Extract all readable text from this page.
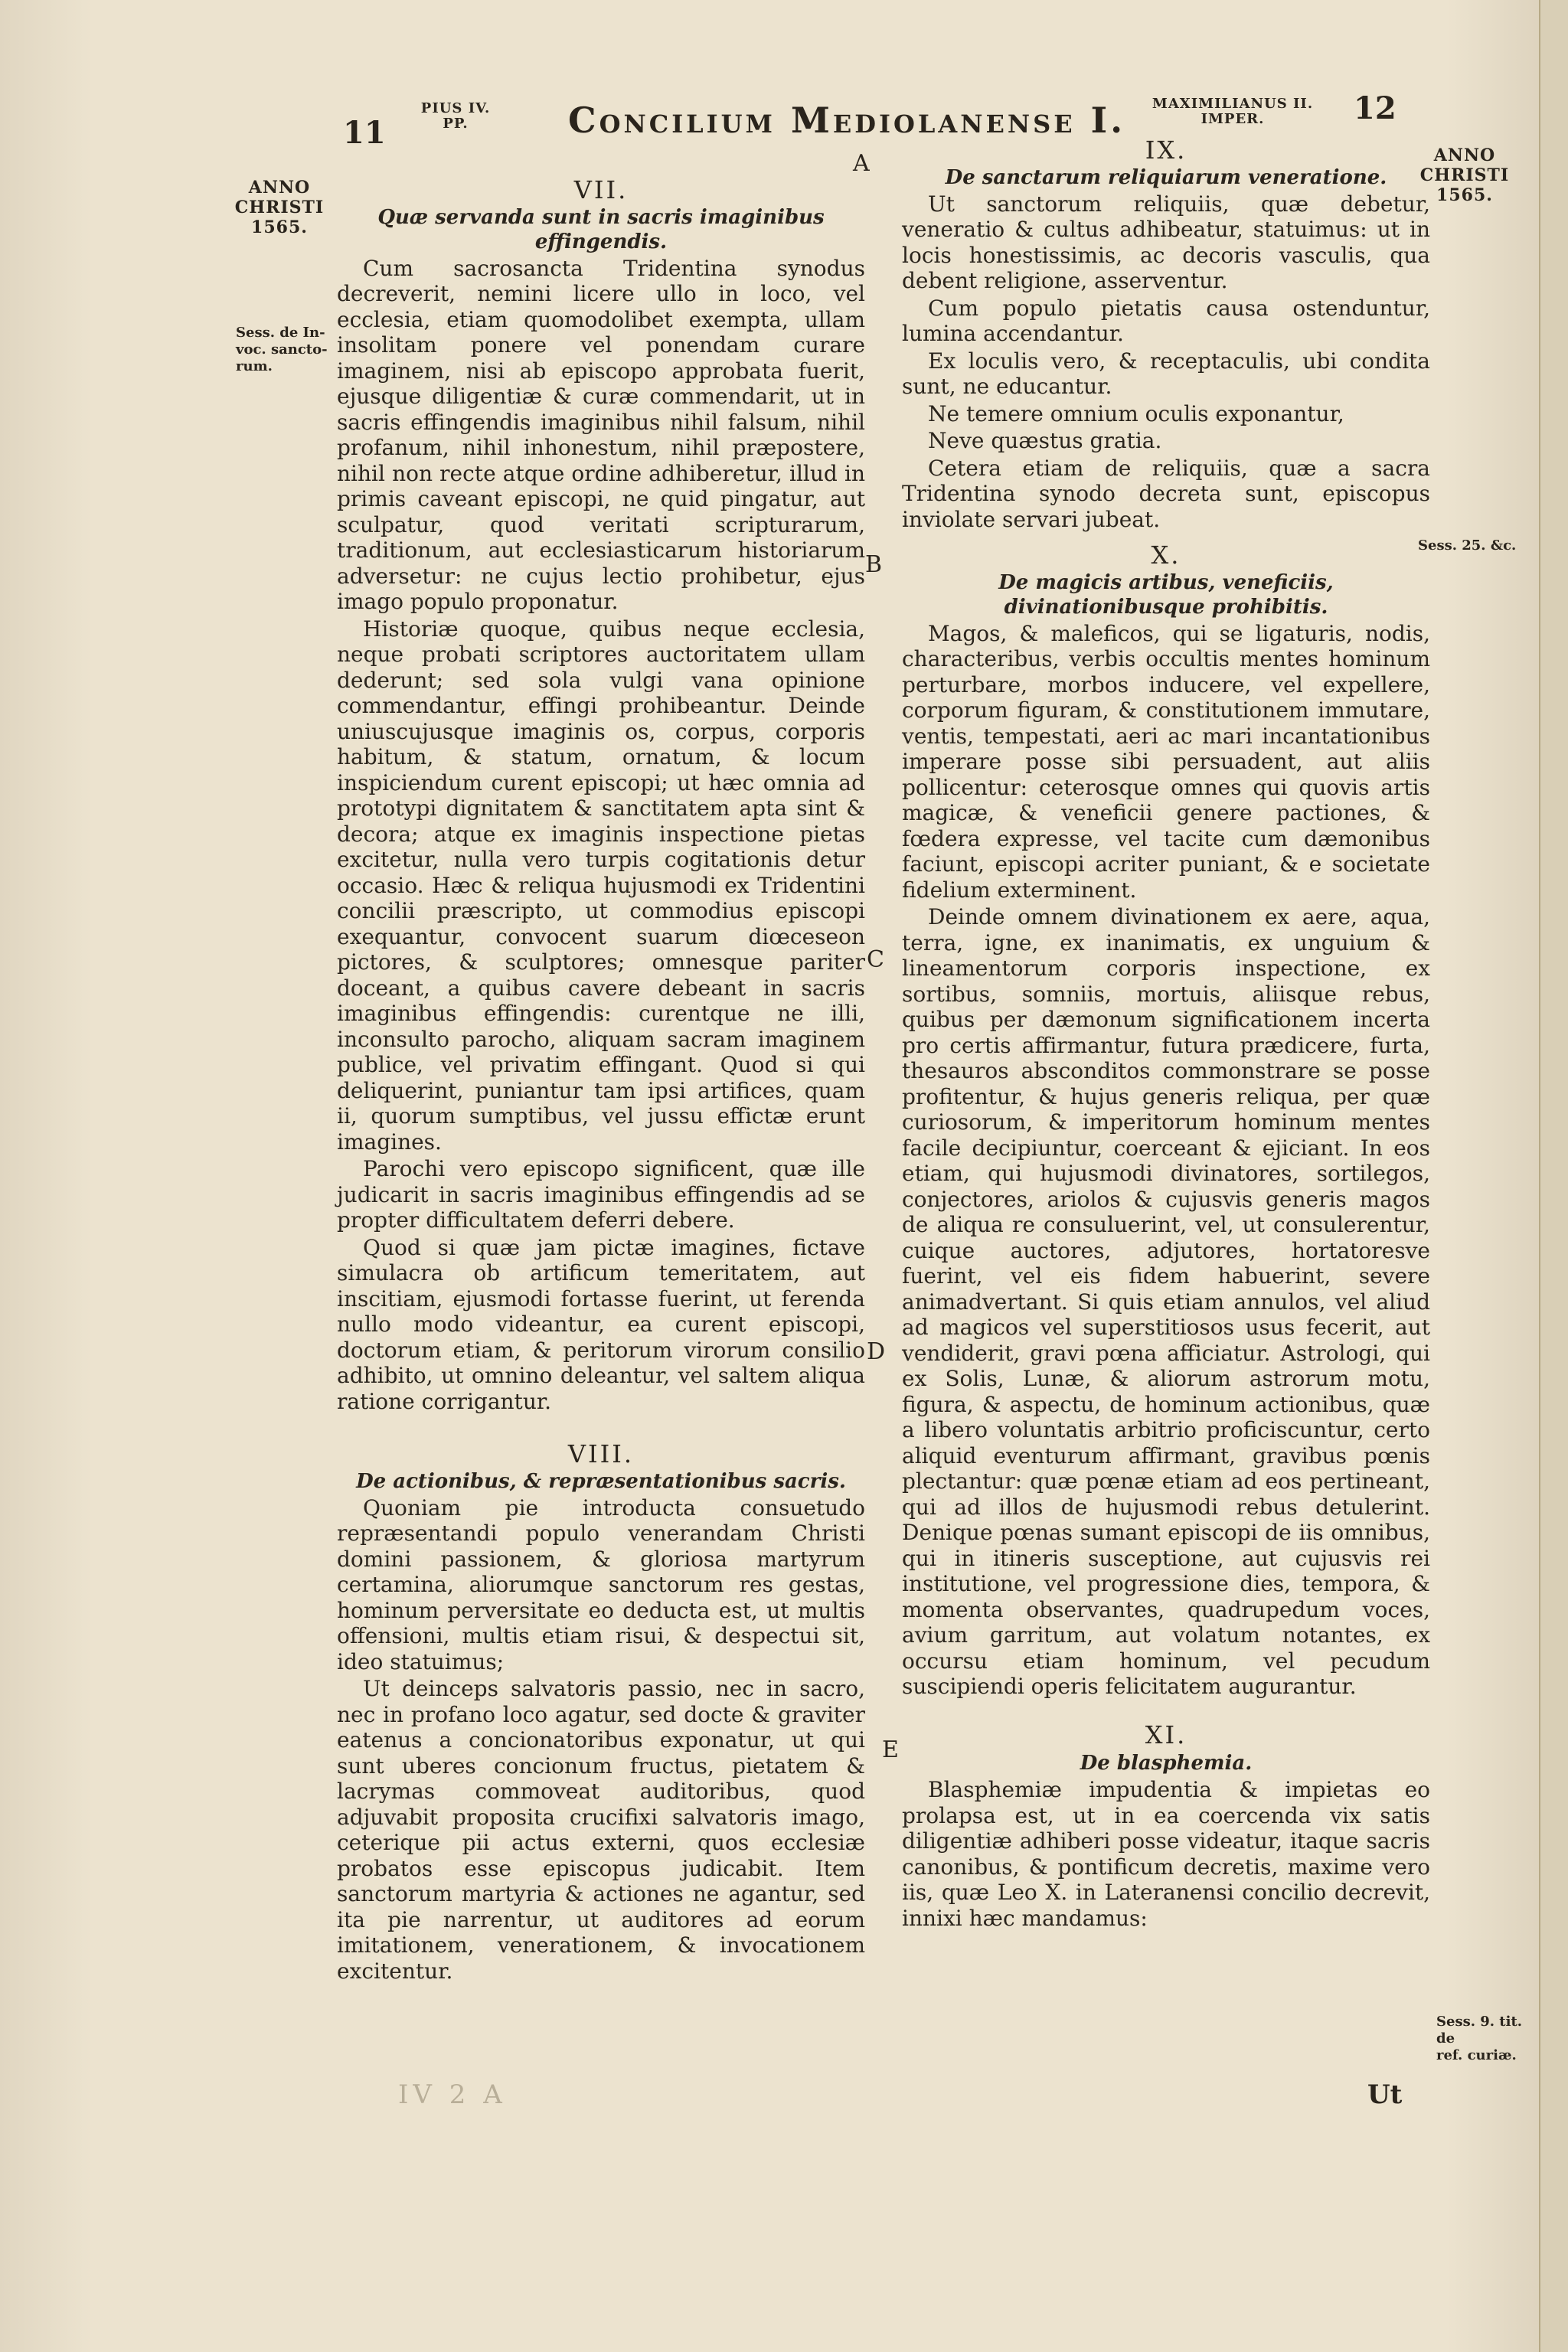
11
PIUS IV.
PP.	Concilium Mediolanense I.	MAXIMILIANUS II.
IMPER.	12
ANNO
CHRISTI
1565.
ANNO
CHRISTI
1565.
Sess. de In-
voc. sancto-
rum.
Sess. 25. &c.
Sess. 9. tit. de
ref. curiæ.
A
B
C
D
E

VII.

Quæ servanda sunt in sacris imaginibus effingendis.

Cum sacrosancta Tridentina synodus decreverit, nemini licere ullo in loco, vel ecclesia, etiam quomodolibet exempta, ullam insolitam ponere vel ponendam curare imaginem, nisi ab episcopo approbata fuerit, ejusque diligentiæ & curæ commendarit, ut in sacris effingendis imaginibus nihil falsum, nihil profanum, nihil inhonestum, nihil præpostere, nihil non recte atque ordine adhiberetur, illud in primis caveant episcopi, ne quid pingatur, aut sculpatur, quod veritati scripturarum, traditionum, aut ecclesiasticarum historiarum adversetur: ne cujus lectio prohibetur, ejus imago populo proponatur.

Historiæ quoque, quibus neque ecclesia, neque probati scriptores auctoritatem ullam dederunt; sed sola vulgi vana opinione commendantur, effingi prohibeantur. Deinde uniuscujusque imaginis os, corpus, corporis habitum, & statum, ornatum, & locum inspiciendum curent episcopi; ut hæc omnia ad prototypi dignitatem & sanctitatem apta sint & decora; atque ex imaginis inspectione pietas excitetur, nulla vero turpis cogitationis detur occasio. Hæc & reliqua hujusmodi ex Tridentini concilii præscripto, ut commodius episcopi exequantur, convocent suarum diœceseon pictores, & sculptores; omnesque pariter doceant, a quibus cavere debeant in sacris imaginibus effingendis: curentque ne illi, inconsulto parocho, aliquam sacram imaginem publice, vel privatim effingant. Quod si qui deliquerint, puniantur tam ipsi artifices, quam ii, quorum sumptibus, vel jussu effictæ erunt imagines.

Parochi vero episcopo significent, quæ ille judicarit in sacris imaginibus effingendis ad se propter difficultatem deferri debere.

Quod si quæ jam pictæ imagines, fictave simulacra ob artificum temeritatem, aut inscitiam, ejusmodi fortasse fuerint, ut ferenda nullo modo videantur, ea curent episcopi, doctorum etiam, & peritorum virorum consilio adhibito, ut omnino deleantur, vel saltem aliqua ratione corrigantur.

VIII.

De actionibus, & repræsentationibus sacris.

Quoniam pie introducta consuetudo repræsentandi populo venerandam Christi domini passionem, & gloriosa martyrum certamina, aliorumque sanctorum res gestas, hominum perversitate eo deducta est, ut multis offensioni, multis etiam risui, & despectui sit, ideo statuimus;

Ut deinceps salvatoris passio, nec in sacro, nec in profano loco agatur, sed docte & graviter eatenus a concionatoribus exponatur, ut qui sunt uberes concionum fructus, pietatem & lacrymas commoveat auditoribus, quod adjuvabit proposita crucifixi salvatoris imago, ceterique pii actus externi, quos ecclesiæ probatos esse episcopus judicabit. Item sanctorum martyria & actiones ne agantur, sed ita pie narrentur, ut auditores ad eorum imitationem, venerationem, & invocationem excitentur.

IX.

De sanctarum reliquiarum veneratione.

Ut sanctorum reliquiis, quæ debetur, veneratio & cultus adhibeatur, statuimus: ut in locis honestissimis, ac decoris vasculis, qua debent religione, asserventur.

Cum populo pietatis causa ostenduntur, lumina accendantur.

Ex loculis vero, & receptaculis, ubi condita sunt, ne educantur.

Ne temere omnium oculis exponantur,

Neve quæstus gratia.

Cetera etiam de reliquiis, quæ a sacra Tridentina synodo decreta sunt, episcopus inviolate servari jubeat.

X.

De magicis artibus, veneficiis, divinationibusque prohibitis.

Magos, & maleficos, qui se ligaturis, nodis, characteribus, verbis occultis mentes hominum perturbare, morbos inducere, vel expellere, corporum figuram, & constitutionem immutare, ventis, tempestati, aeri ac mari incantationibus imperare posse sibi persuadent, aut aliis pollicentur: ceterosque omnes qui quovis artis magicæ, & veneficii genere pactiones, & fœdera expresse, vel tacite cum dæmonibus faciunt, episcopi acriter puniant, & e societate fidelium exterminent.

Deinde omnem divinationem ex aere, aqua, terra, igne, ex inanimatis, ex unguium & lineamentorum corporis inspectione, ex sortibus, somniis, mortuis, aliisque rebus, quibus per dæmonum significationem incerta pro certis affirmantur, futura prædicere, furta, thesauros absconditos commonstrare se posse profitentur, & hujus generis reliqua, per quæ curiosorum, & imperitorum hominum mentes facile decipiuntur, coerceant & ejiciant. In eos etiam, qui hujusmodi divinatores, sortilegos, conjectores, ariolos & cujusvis generis magos de aliqua re consuluerint, vel, ut consulerentur, cuique auctores, adjutores, hortatoresve fuerint, vel eis fidem habuerint, severe animadvertant. Si quis etiam annulos, vel aliud ad magicos vel superstitiosos usus fecerit, aut vendiderit, gravi pœna afficiatur. Astrologi, qui ex Solis, Lunæ, & aliorum astrorum motu, figura, & aspectu, de hominum actionibus, quæ a libero voluntatis arbitrio proficiscuntur, certo aliquid eventurum affirmant, gravibus pœnis plectantur: quæ pœnæ etiam ad eos pertineant, qui ad illos de hujusmodi rebus detulerint. Denique pœnas sumant episcopi de iis omnibus, qui in itineris susceptione, aut cujusvis rei institutione, vel progressione dies, tempora, & momenta observantes, quadrupedum voces, avium garritum, aut volatum notantes, ex occursu etiam hominum, vel pecudum suscipiendi operis felicitatem augurantur.

XI.

De blasphemia.

Blasphemiæ impudentia & impietas eo prolapsa est, ut in ea coercenda vix satis diligentiæ adhiberi posse videatur, itaque sacris canonibus, & pontificum decretis, maxime vero iis, quæ Leo X. in Lateranensi concilio decrevit, innixi hæc mandamus:

IV 2 A	Ut
